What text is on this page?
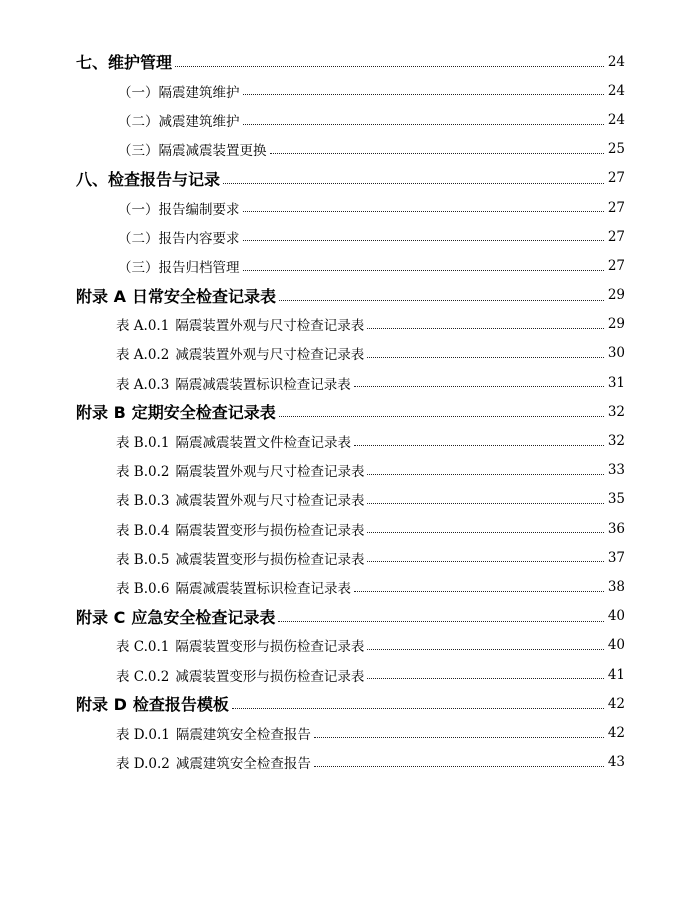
七、维护管理	24
（一）隔震建筑维护	24
（二）减震建筑维护	24
（三）隔震减震装置更换	25
八、检查报告与记录	27
（一）报告编制要求	27
（二）报告内容要求	27
（三）报告归档管理	27
附录 A 日常安全检查记录表	29
表 A.0.1 隔震装置外观与尺寸检查记录表	29
表 A.0.2 减震装置外观与尺寸检查记录表	30
表 A.0.3 隔震减震装置标识检查记录表	31
附录 B 定期安全检查记录表	32
表 B.0.1 隔震减震装置文件检查记录表	32
表 B.0.2 隔震装置外观与尺寸检查记录表	33
表 B.0.3 减震装置外观与尺寸检查记录表	35
表 B.0.4 隔震装置变形与损伤检查记录表	36
表 B.0.5 减震装置变形与损伤检查记录表	37
表 B.0.6 隔震减震装置标识检查记录表	38
附录 C 应急安全检查记录表	40
表 C.0.1 隔震装置变形与损伤检查记录表	40
表 C.0.2 减震装置变形与损伤检查记录表	41
附录 D 检查报告模板	42
表 D.0.1 隔震建筑安全检查报告	42
表 D.0.2 减震建筑安全检查报告	43
